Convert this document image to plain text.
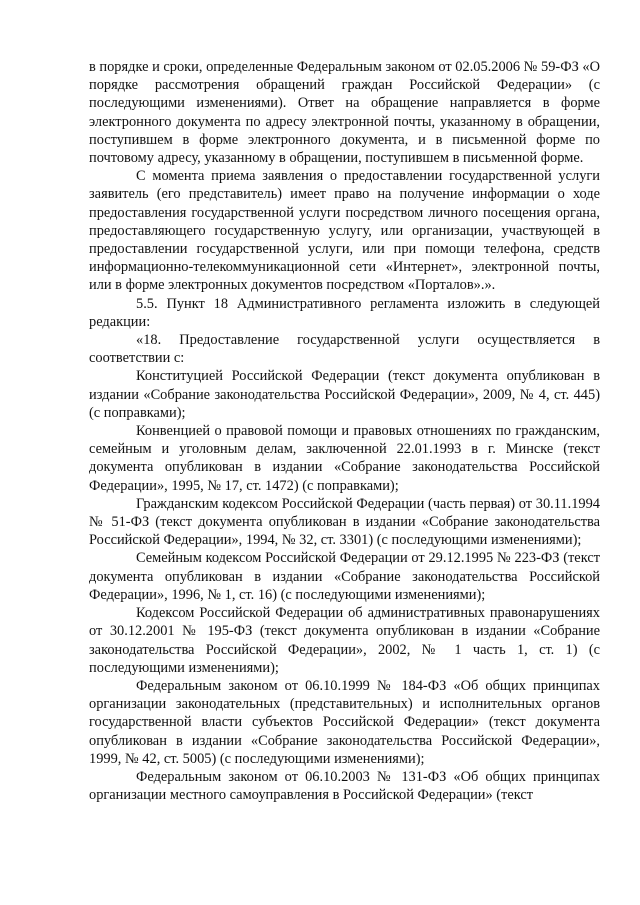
в порядке и сроки, определенные Федеральным законом от 02.05.2006 № 59-ФЗ «О порядке рассмотрения обращений граждан Российской Федерации» (с последующими изменениями). Ответ на обращение направляется в форме электронного документа по адресу электронной почты, указанному в обращении, поступившем в форме электронного документа, и в письменной форме по почтовому адресу, указанному в обращении, поступившем в письменной форме.

С момента приема заявления о предоставлении государственной услуги заявитель (его представитель) имеет право на получение информации о ходе предоставления государственной услуги посредством личного посещения органа, предоставляющего государственную услугу, или организации, участвующей в предоставлении государственной услуги, или при помощи телефона, средств информационно-телекоммуникационной сети «Интернет», электронной почты, или в форме электронных документов посредством «Порталов».».

5.5. Пункт 18 Административного регламента изложить в следующей редакции:

«18. Предоставление государственной услуги осуществляется в соответствии с:

Конституцией Российской Федерации (текст документа опубликован в издании «Собрание законодательства Российской Федерации», 2009, № 4, ст. 445) (с поправками);

Конвенцией о правовой помощи и правовых отношениях по гражданским, семейным и уголовным делам, заключенной 22.01.1993 в г. Минске (текст документа опубликован в издании «Собрание законодательства Российской Федерации», 1995, № 17, ст. 1472) (с поправками);

Гражданским кодексом Российской Федерации (часть первая) от 30.11.1994 № 51-ФЗ (текст документа опубликован в издании «Собрание законодательства Российской Федерации», 1994, № 32, ст. 3301) (с последующими изменениями);

Семейным кодексом Российской Федерации от 29.12.1995 № 223-ФЗ (текст документа опубликован в издании «Собрание законодательства Российской Федерации», 1996, № 1, ст. 16) (с последующими изменениями);

Кодексом Российской Федерации об административных правонарушениях от 30.12.2001 № 195-ФЗ (текст документа опубликован в издании «Собрание законодательства Российской Федерации», 2002, № 1 часть 1, ст. 1) (с последующими изменениями);

Федеральным законом от 06.10.1999 № 184-ФЗ «Об общих принципах организации законодательных (представительных) и исполнительных органов государственной власти субъектов Российской Федерации» (текст документа опубликован в издании «Собрание законодательства Российской Федерации», 1999, № 42, ст. 5005) (с последующими изменениями);

Федеральным законом от 06.10.2003 № 131-ФЗ «Об общих принципах организации местного самоуправления в Российской Федерации» (текст
